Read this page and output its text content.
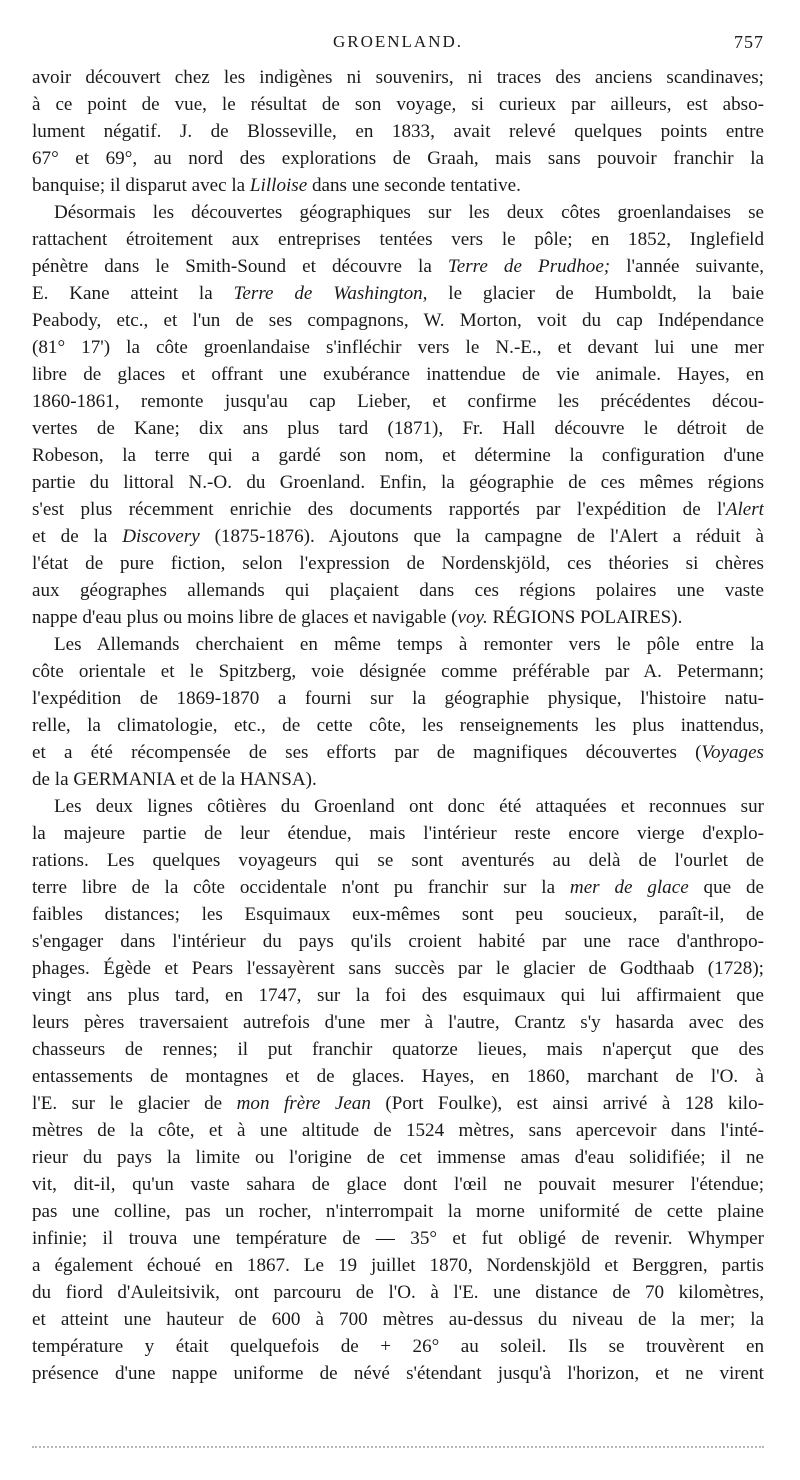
GROENLAND.	757
avoir découvert chez les indigènes ni souvenirs, ni traces des anciens scandinaves;
à ce point de vue, le résultat de son voyage, si curieux par ailleurs, est abso-
lument négatif. J. de Blosseville, en 1833, avait relevé quelques points entre
67° et 69°, au nord des explorations de Graah, mais sans pouvoir franchir la
banquise; il disparut avec la Lilloise dans une seconde tentative.
Désormais les découvertes géographiques sur les deux côtes groenlandaises se
rattachent étroitement aux entreprises tentées vers le pôle; en 1852, Inglefield
pénètre dans le Smith-Sound et découvre la Terre de Prudhoe; l'année suivante,
E. Kane atteint la Terre de Washington, le glacier de Humboldt, la baie
Peabody, etc., et l'un de ses compagnons, W. Morton, voit du cap Indépendance
(81° 17') la côte groenlandaise s'infléchir vers le N.-E., et devant lui une mer
libre de glaces et offrant une exubérance inattendue de vie animale. Hayes, en
1860-1861, remonte jusqu'au cap Lieber, et confirme les précédentes décou-
vertes de Kane; dix ans plus tard (1871), Fr. Hall découvre le détroit de
Robeson, la terre qui a gardé son nom, et détermine la configuration d'une
partie du littoral N.-O. du Groenland. Enfin, la géographie de ces mêmes régions
s'est plus récemment enrichie des documents rapportés par l'expédition de l'Alert
et de la Discovery (1875-1876). Ajoutons que la campagne de l'Alert a réduit à
l'état de pure fiction, selon l'expression de Nordenskjöld, ces théories si chères
aux géographes allemands qui plaçaient dans ces régions polaires une vaste
nappe d'eau plus ou moins libre de glaces et navigable (voy. RÉGIONS POLAIRES).
Les Allemands cherchaient en même temps à remonter vers le pôle entre la
côte orientale et le Spitzberg, voie désignée comme préférable par A. Petermann;
l'expédition de 1869-1870 a fourni sur la géographie physique, l'histoire natu-
relle, la climatologie, etc., de cette côte, les renseignements les plus inattendus,
et a été récompensée de ses efforts par de magnifiques découvertes (Voyages
de la GERMANIA et de la HANSA).
Les deux lignes côtières du Groenland ont donc été attaquées et reconnues sur
la majeure partie de leur étendue, mais l'intérieur reste encore vierge d'explo-
rations. Les quelques voyageurs qui se sont aventurés au delà de l'ourlet de
terre libre de la côte occidentale n'ont pu franchir sur la mer de glace que de
faibles distances; les Esquimaux eux-mêmes sont peu soucieux, paraît-il, de
s'engager dans l'intérieur du pays qu'ils croient habité par une race d'anthropo-
phages. Égède et Pears l'essayèrent sans succès par le glacier de Godthaab (1728);
vingt ans plus tard, en 1747, sur la foi des esquimaux qui lui affirmaient que
leurs pères traversaient autrefois d'une mer à l'autre, Crantz s'y hasarda avec des
chasseurs de rennes; il put franchir quatorze lieues, mais n'aperçut que des
entassements de montagnes et de glaces. Hayes, en 1860, marchant de l'O. à
l'E. sur le glacier de mon frère Jean (Port Foulke), est ainsi arrivé à 128 kilo-
mètres de la côte, et à une altitude de 1524 mètres, sans apercevoir dans l'inté-
rieur du pays la limite ou l'origine de cet immense amas d'eau solidifiée; il ne
vit, dit-il, qu'un vaste sahara de glace dont l'œil ne pouvait mesurer l'étendue;
pas une colline, pas un rocher, n'interrompait la morne uniformité de cette plaine
infinie; il trouva une température de — 35° et fut obligé de revenir. Whymper
a également échoué en 1867. Le 19 juillet 1870, Nordenskjöld et Berggren, partis
du fiord d'Auleitsivik, ont parcouru de l'O. à l'E. une distance de 70 kilomètres,
et atteint une hauteur de 600 à 700 mètres au-dessus du niveau de la mer; la
température y était quelquefois de + 26° au soleil. Ils se trouvèrent en
présence d'une nappe uniforme de névé s'étendant jusqu'à l'horizon, et ne virent
